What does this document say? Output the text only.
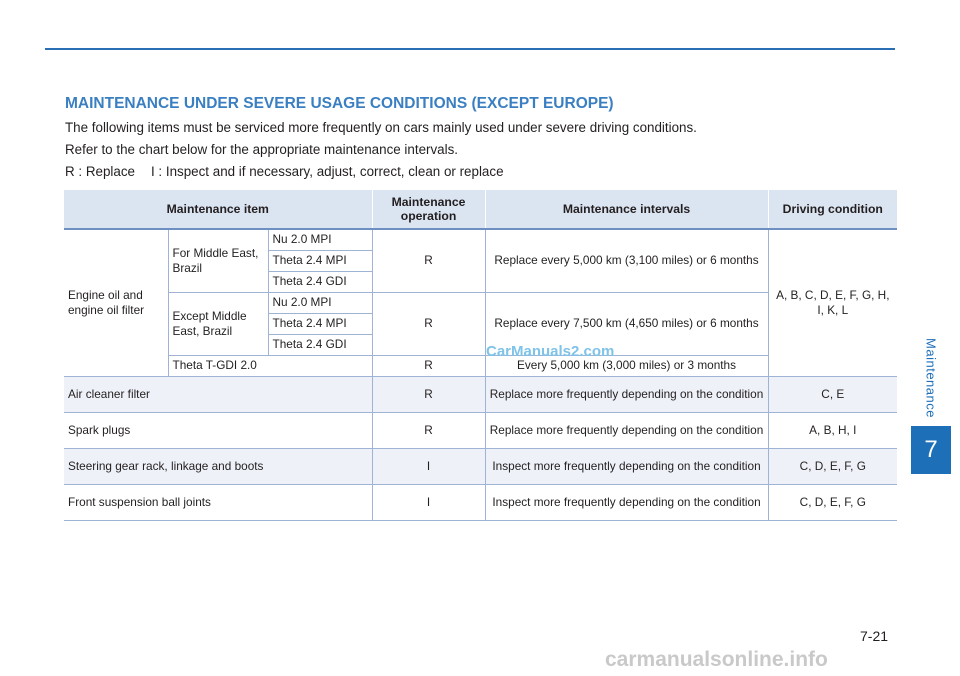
Maintenance
7
MAINTENANCE UNDER SEVERE USAGE CONDITIONS (EXCEPT EUROPE)
The following items must be serviced more frequently on cars mainly used under severe driving conditions.
Refer to the chart below for the appropriate maintenance intervals.
R : Replace I : Inspect and if necessary, adjust, correct, clean or replace
Maintenance item			Maintenance operation	Maintenance intervals	Driving condition
Engine oil and engine oil filter	For Middle East, Brazil	Nu 2.0 MPI	R	Replace every 5,000 km (3,100 miles) or 6 months	A, B, C, D, E, F, G, H, I, K, L
		Theta 2.4 MPI			
		Theta 2.4 GDI			
	Except Middle East, Brazil	Nu 2.0 MPI	R	Replace every 7,500 km (4,650 miles) or 6 months	
		Theta 2.4 MPI			
		Theta 2.4 GDI			
	Theta T-GDI 2.0		R	Every 5,000 km (3,000 miles) or 3 months	
Air cleaner filter			R	Replace more frequently depending on the condition	C, E
Spark plugs			R	Replace more frequently depending on the condition	A, B, H, I
Steering gear rack, linkage and boots			I	Inspect more frequently depending on the condition	C, D, E, F, G
Front suspension ball joints			I	Inspect more frequently depending on the condition	C, D, E, F, G
CarManuals2.com
7-21
carmanualsonline.info
